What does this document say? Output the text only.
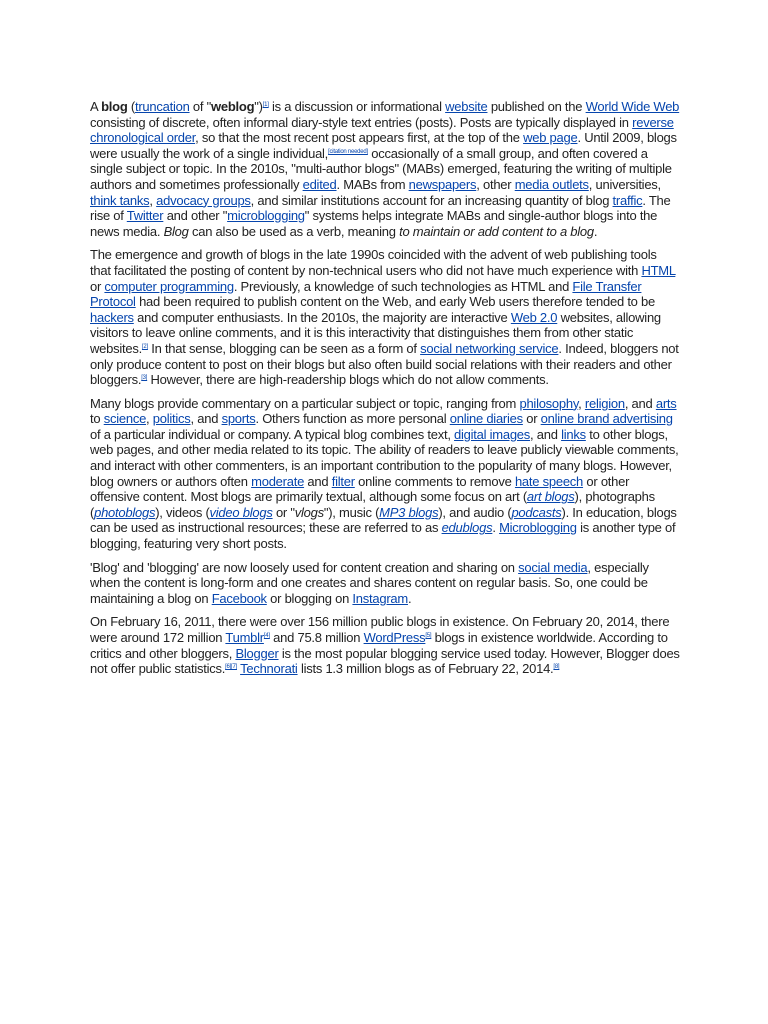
A blog (truncation of "weblog")[1] is a discussion or informational website published on the World Wide Web consisting of discrete, often informal diary-style text entries (posts). Posts are typically displayed in reverse chronological order, so that the most recent post appears first, at the top of the web page. Until 2009, blogs were usually the work of a single individual,[citation needed] occasionally of a small group, and often covered a single subject or topic. In the 2010s, "multi-author blogs" (MABs) emerged, featuring the writing of multiple authors and sometimes professionally edited. MABs from newspapers, other media outlets, universities, think tanks, advocacy groups, and similar institutions account for an increasing quantity of blog traffic. The rise of Twitter and other "microblogging" systems helps integrate MABs and single-author blogs into the news media. Blog can also be used as a verb, meaning to maintain or add content to a blog.

The emergence and growth of blogs in the late 1990s coincided with the advent of web publishing tools that facilitated the posting of content by non-technical users who did not have much experience with HTML or computer programming. Previously, a knowledge of such technologies as HTML and File Transfer Protocol had been required to publish content on the Web, and early Web users therefore tended to be hackers and computer enthusiasts. In the 2010s, the majority are interactive Web 2.0 websites, allowing visitors to leave online comments, and it is this interactivity that distinguishes them from other static websites.[2] In that sense, blogging can be seen as a form of social networking service. Indeed, bloggers not only produce content to post on their blogs but also often build social relations with their readers and other bloggers.[3] However, there are high-readership blogs which do not allow comments.

Many blogs provide commentary on a particular subject or topic, ranging from philosophy, religion, and arts to science, politics, and sports. Others function as more personal online diaries or online brand advertising of a particular individual or company. A typical blog combines text, digital images, and links to other blogs, web pages, and other media related to its topic. The ability of readers to leave publicly viewable comments, and interact with other commenters, is an important contribution to the popularity of many blogs. However, blog owners or authors often moderate and filter online comments to remove hate speech or other offensive content. Most blogs are primarily textual, although some focus on art (art blogs), photographs (photoblogs), videos (video blogs or "vlogs"), music (MP3 blogs), and audio (podcasts). In education, blogs can be used as instructional resources; these are referred to as edublogs. Microblogging is another type of blogging, featuring very short posts.

'Blog' and 'blogging' are now loosely used for content creation and sharing on social media, especially when the content is long-form and one creates and shares content on regular basis. So, one could be maintaining a blog on Facebook or blogging on Instagram.

On February 16, 2011, there were over 156 million public blogs in existence. On February 20, 2014, there were around 172 million Tumblr[4] and 75.8 million WordPress[5] blogs in existence worldwide. According to critics and other bloggers, Blogger is the most popular blogging service used today. However, Blogger does not offer public statistics.[6][7] Technorati lists 1.3 million blogs as of February 22, 2014.[8]
